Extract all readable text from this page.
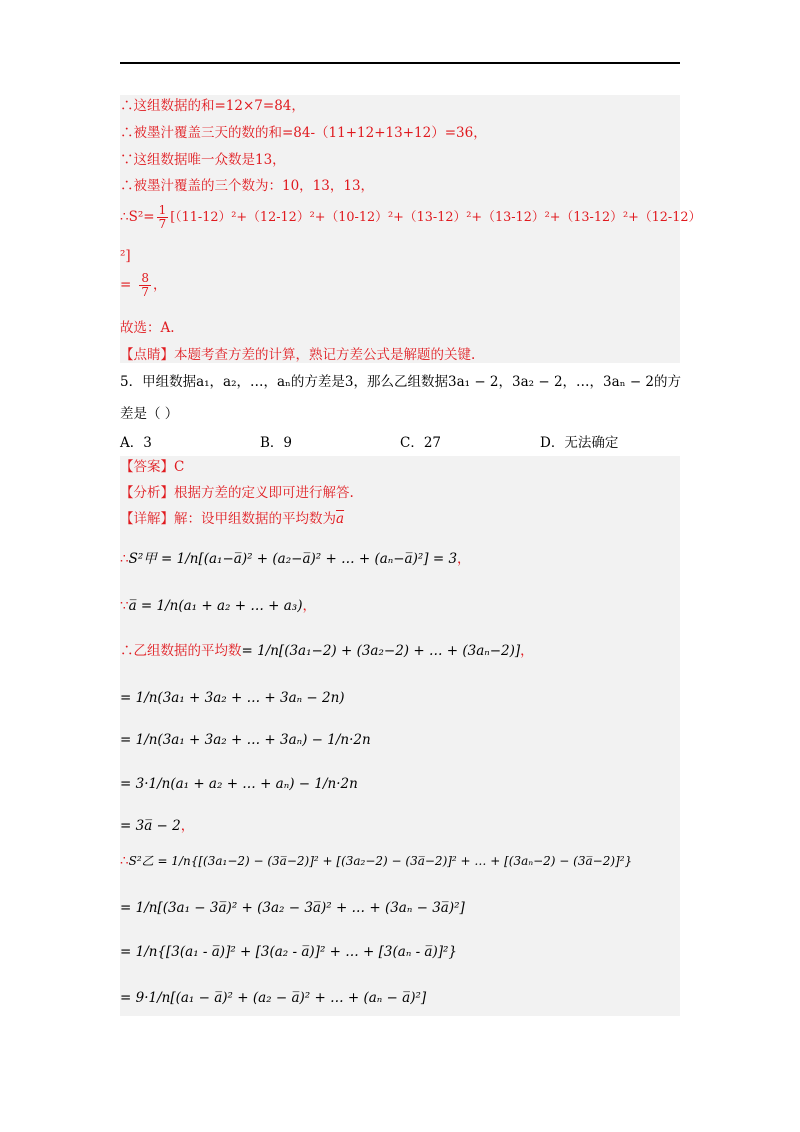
∴这组数据的和=12×7=84，
∴被墨汁覆盖三天的数的和=84-（11+12+13+12）=36，
∵这组数据唯一众数是13，
∴被墨汁覆盖的三个数为：10，13，13，
∴S²= $\frac{1}{7} [(11-12)^2+(12-12)^2+(10-12)^2+(13-12)^2+(13-12)^2+(13-12)^2+(12-12)$
²]
= $\frac{8}{7}$ ，
故选：A.
【点睛】本题考查方差的计算，熟记方差公式是解题的关键.
5．甲组数据a₁，a₂，…，aₙ的方差是3，那么乙组数据3a₁ − 2，3a₂ − 2，…，3aₙ − 2的方
差是（ ）
A．3	B．9	C．27	D．无法确定
【答案】C
【分析】根据方差的定义即可进行解答.
【详解】解：设甲组数据的平均数为$\overline{a}$
∴S²甲 = 1/n[(a₁−a̅)² + (a₂−a̅)² + … + (aₙ−a̅)²] = 3，
∵a̅ = 1/n(a₁ + a₂ + … + a₃)，
∴乙组数据的平均数= 1/n[(3a₁−2) + (3a₂−2) + … + (3aₙ−2)]，
= 1/n(3a₁ + 3a₂ + … + 3aₙ − 2n)
= 1/n(3a₁ + 3a₂ + … + 3aₙ) − 1/n·2n
= 3·1/n(a₁ + a₂ + … + aₙ) − 1/n·2n
= 3a̅ − 2，
∴S²乙 = 1/n{[(3a₁−2) − (3a̅−2)]² + [(3a₂−2) − (3a̅−2)]² + … + [(3aₙ−2) − (3a̅−2)]²}
= 1/n[(3a₁ − 3a̅)² + (3a₂ − 3a̅)² + … + (3aₙ − 3a̅)²]
= 1/n{[3(a₁ - a̅)]² + [3(a₂ - a̅)]² + … + [3(aₙ - a̅)]²}
= 9·1/n[(a₁ − a̅)² + (a₂ − a̅)² + … + (aₙ − a̅)²]
